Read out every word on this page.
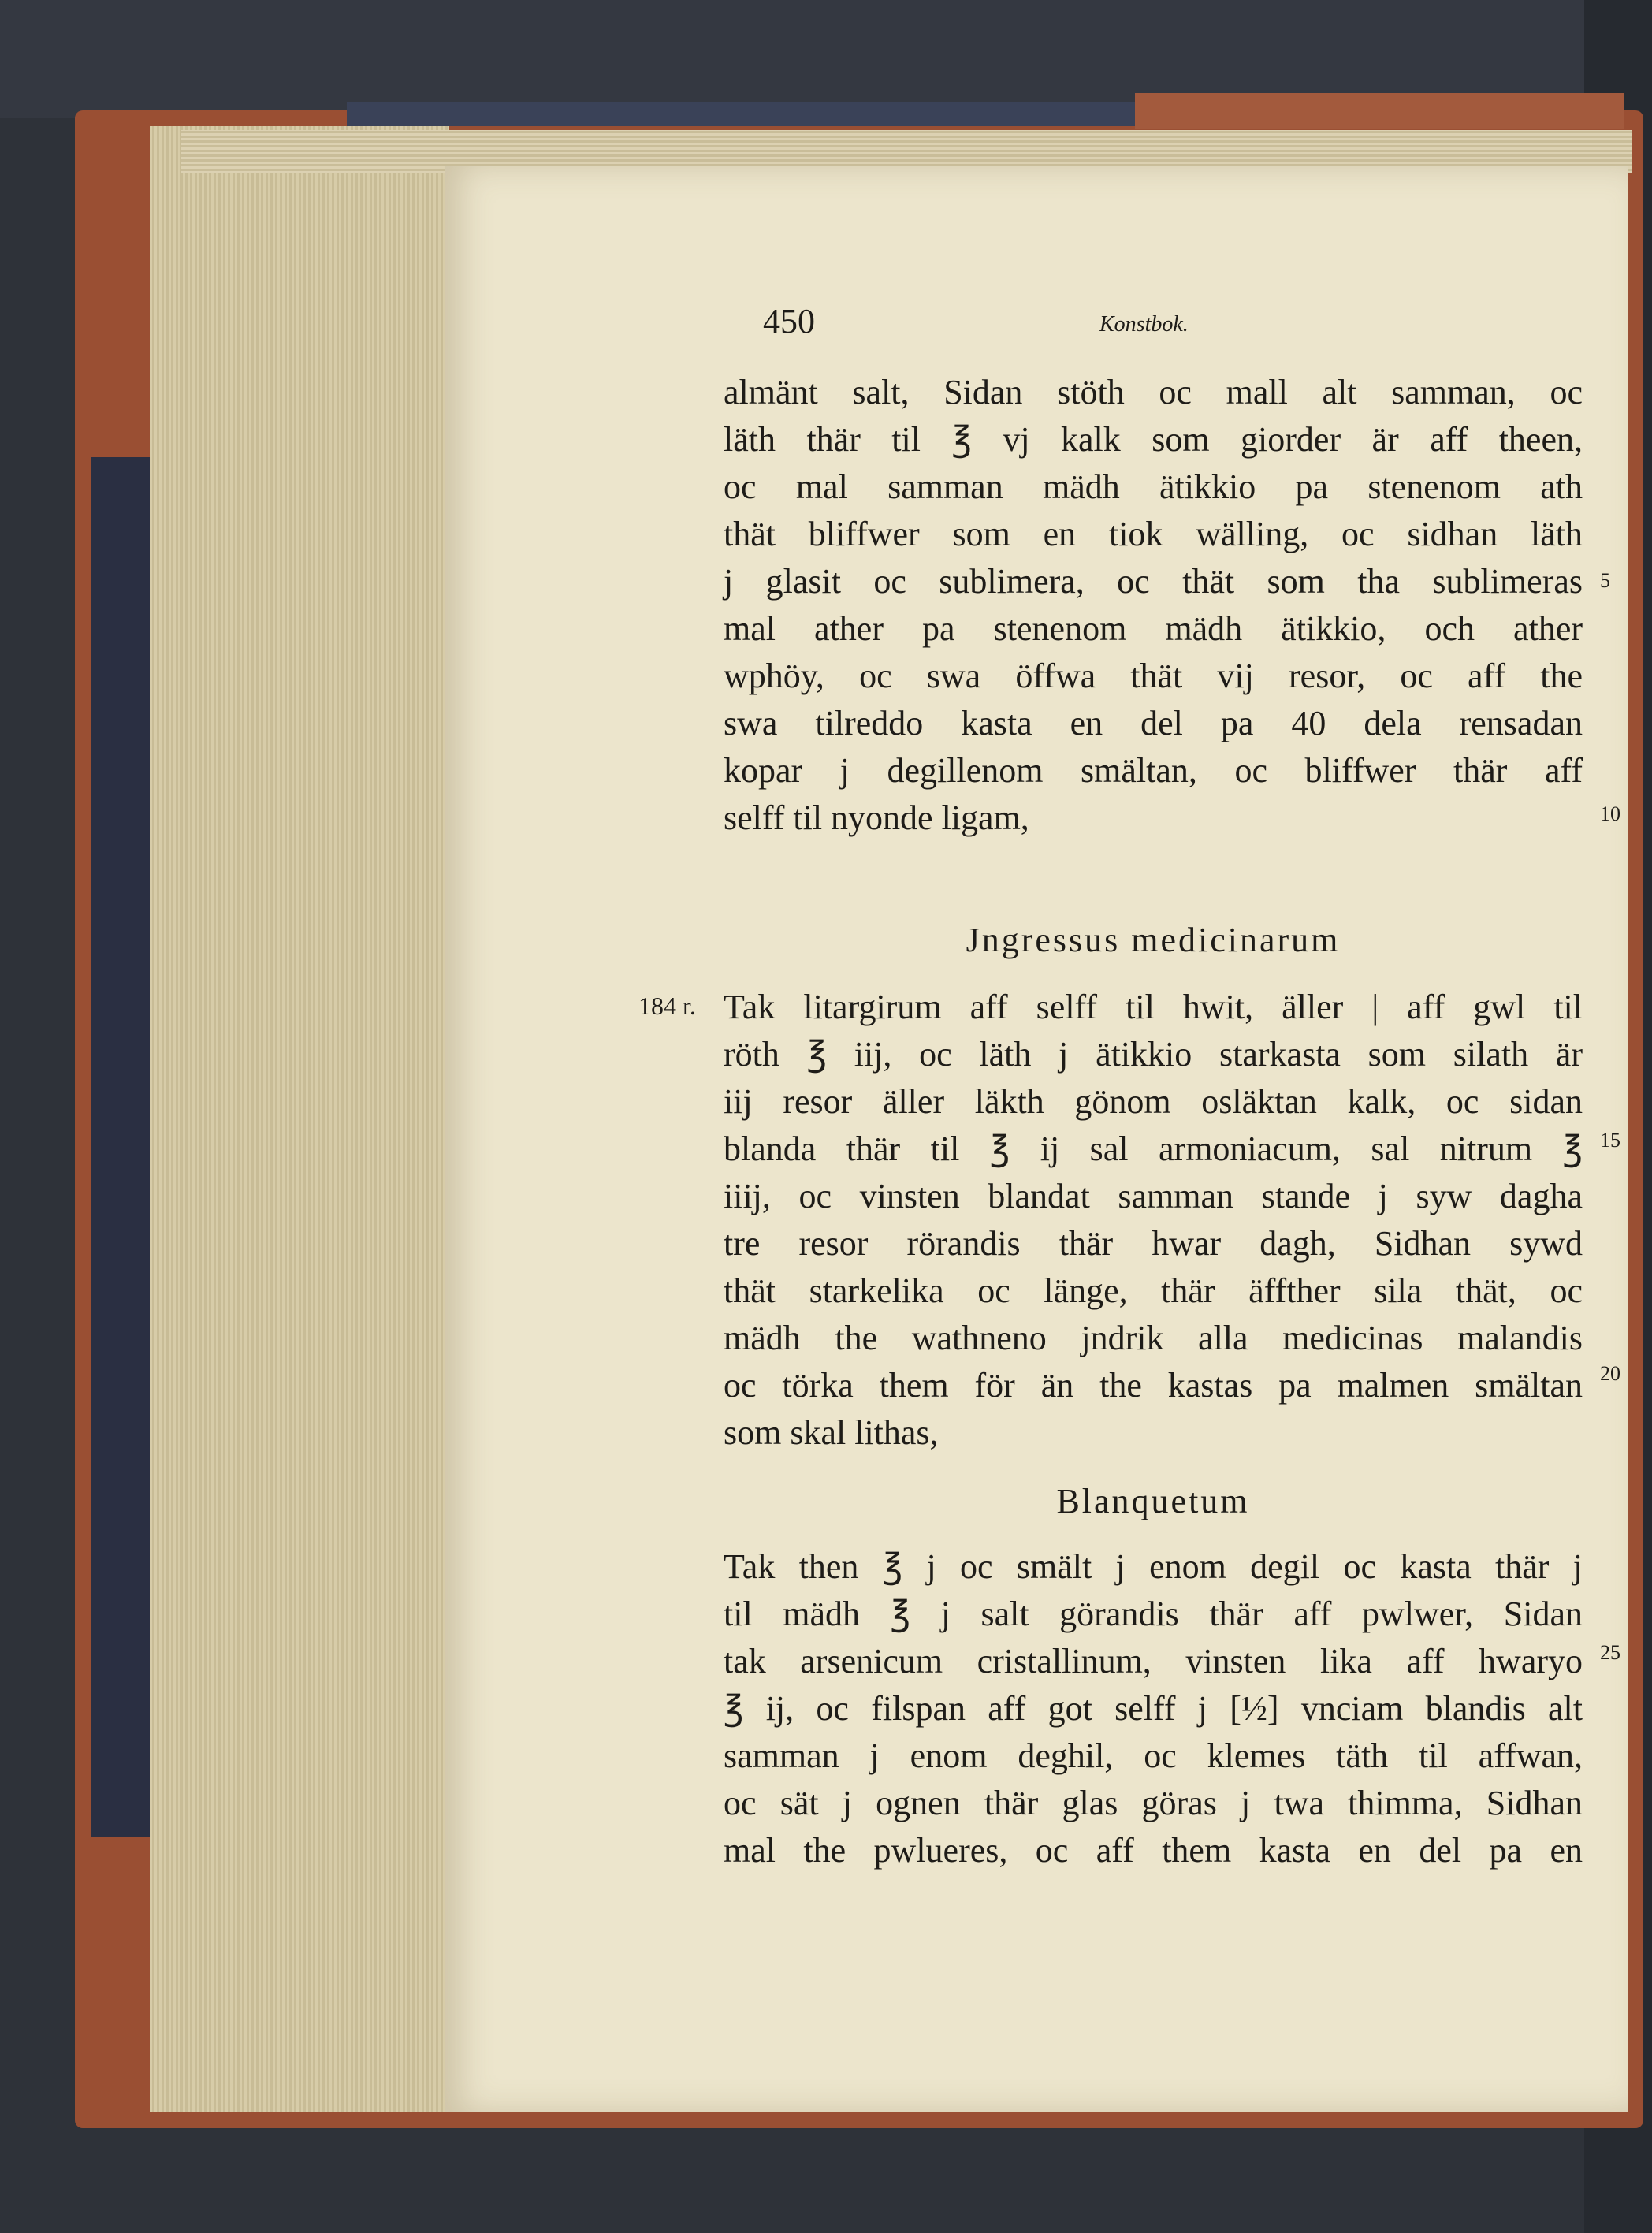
450	Konstbok.
almänt salt, Sidan stöth oc mall alt samman, oc
läth thär til ℥ vj kalk som giorder är aff theen,
oc mal samman mädh ätikkio pa stenenom ath
thät bliffwer som en tiok wälling, oc sidhan läth
j glasit oc sublimera, oc thät som tha sublimeras
mal ather pa stenenom mädh ätikkio, och ather
wphöy, oc swa öffwa thät vij resor, oc aff the
swa tilreddo kasta en del pa 40 dela rensadan
kopar j degillenom smältan, oc bliffwer thär aff
selff til nyonde ligam,
Jngressus medicinarum
184 r. Tak litargirum aff selff til hwit, äller | aff gwl til
röth ℥ iij, oc läth j ätikkio starkasta som silath är
iij resor äller läkth gönom osläktan kalk, oc sidan
blanda thär til ℥ ij sal armoniacum, sal nitrum ℥
iiij, oc vinsten blandat samman stande j syw dagha
tre resor rörandis thär hwar dagh, Sidhan sywd
thät starkelika oc länge, thär äffther sila thät, oc
mädh the wathneno jndrik alla medicinas malandis
oc törka them för än the kastas pa malmen smältan
som skal lithas,
Blanquetum
Tak then ℥ j oc smält j enom degil oc kasta thär j
til mädh ℥ j salt görandis thär aff pwlwer, Sidan
tak arsenicum cristallinum, vinsten lika aff hwaryo
℥ ij, oc filspan aff got selff j [½] vnciam blandis alt
samman j enom deghil, oc klemes täth til affwan,
oc sät j ognen thär glas göras j twa thimma, Sidhan
mal the pwlueres, oc aff them kasta en del pa en
5
10
15
20
25
